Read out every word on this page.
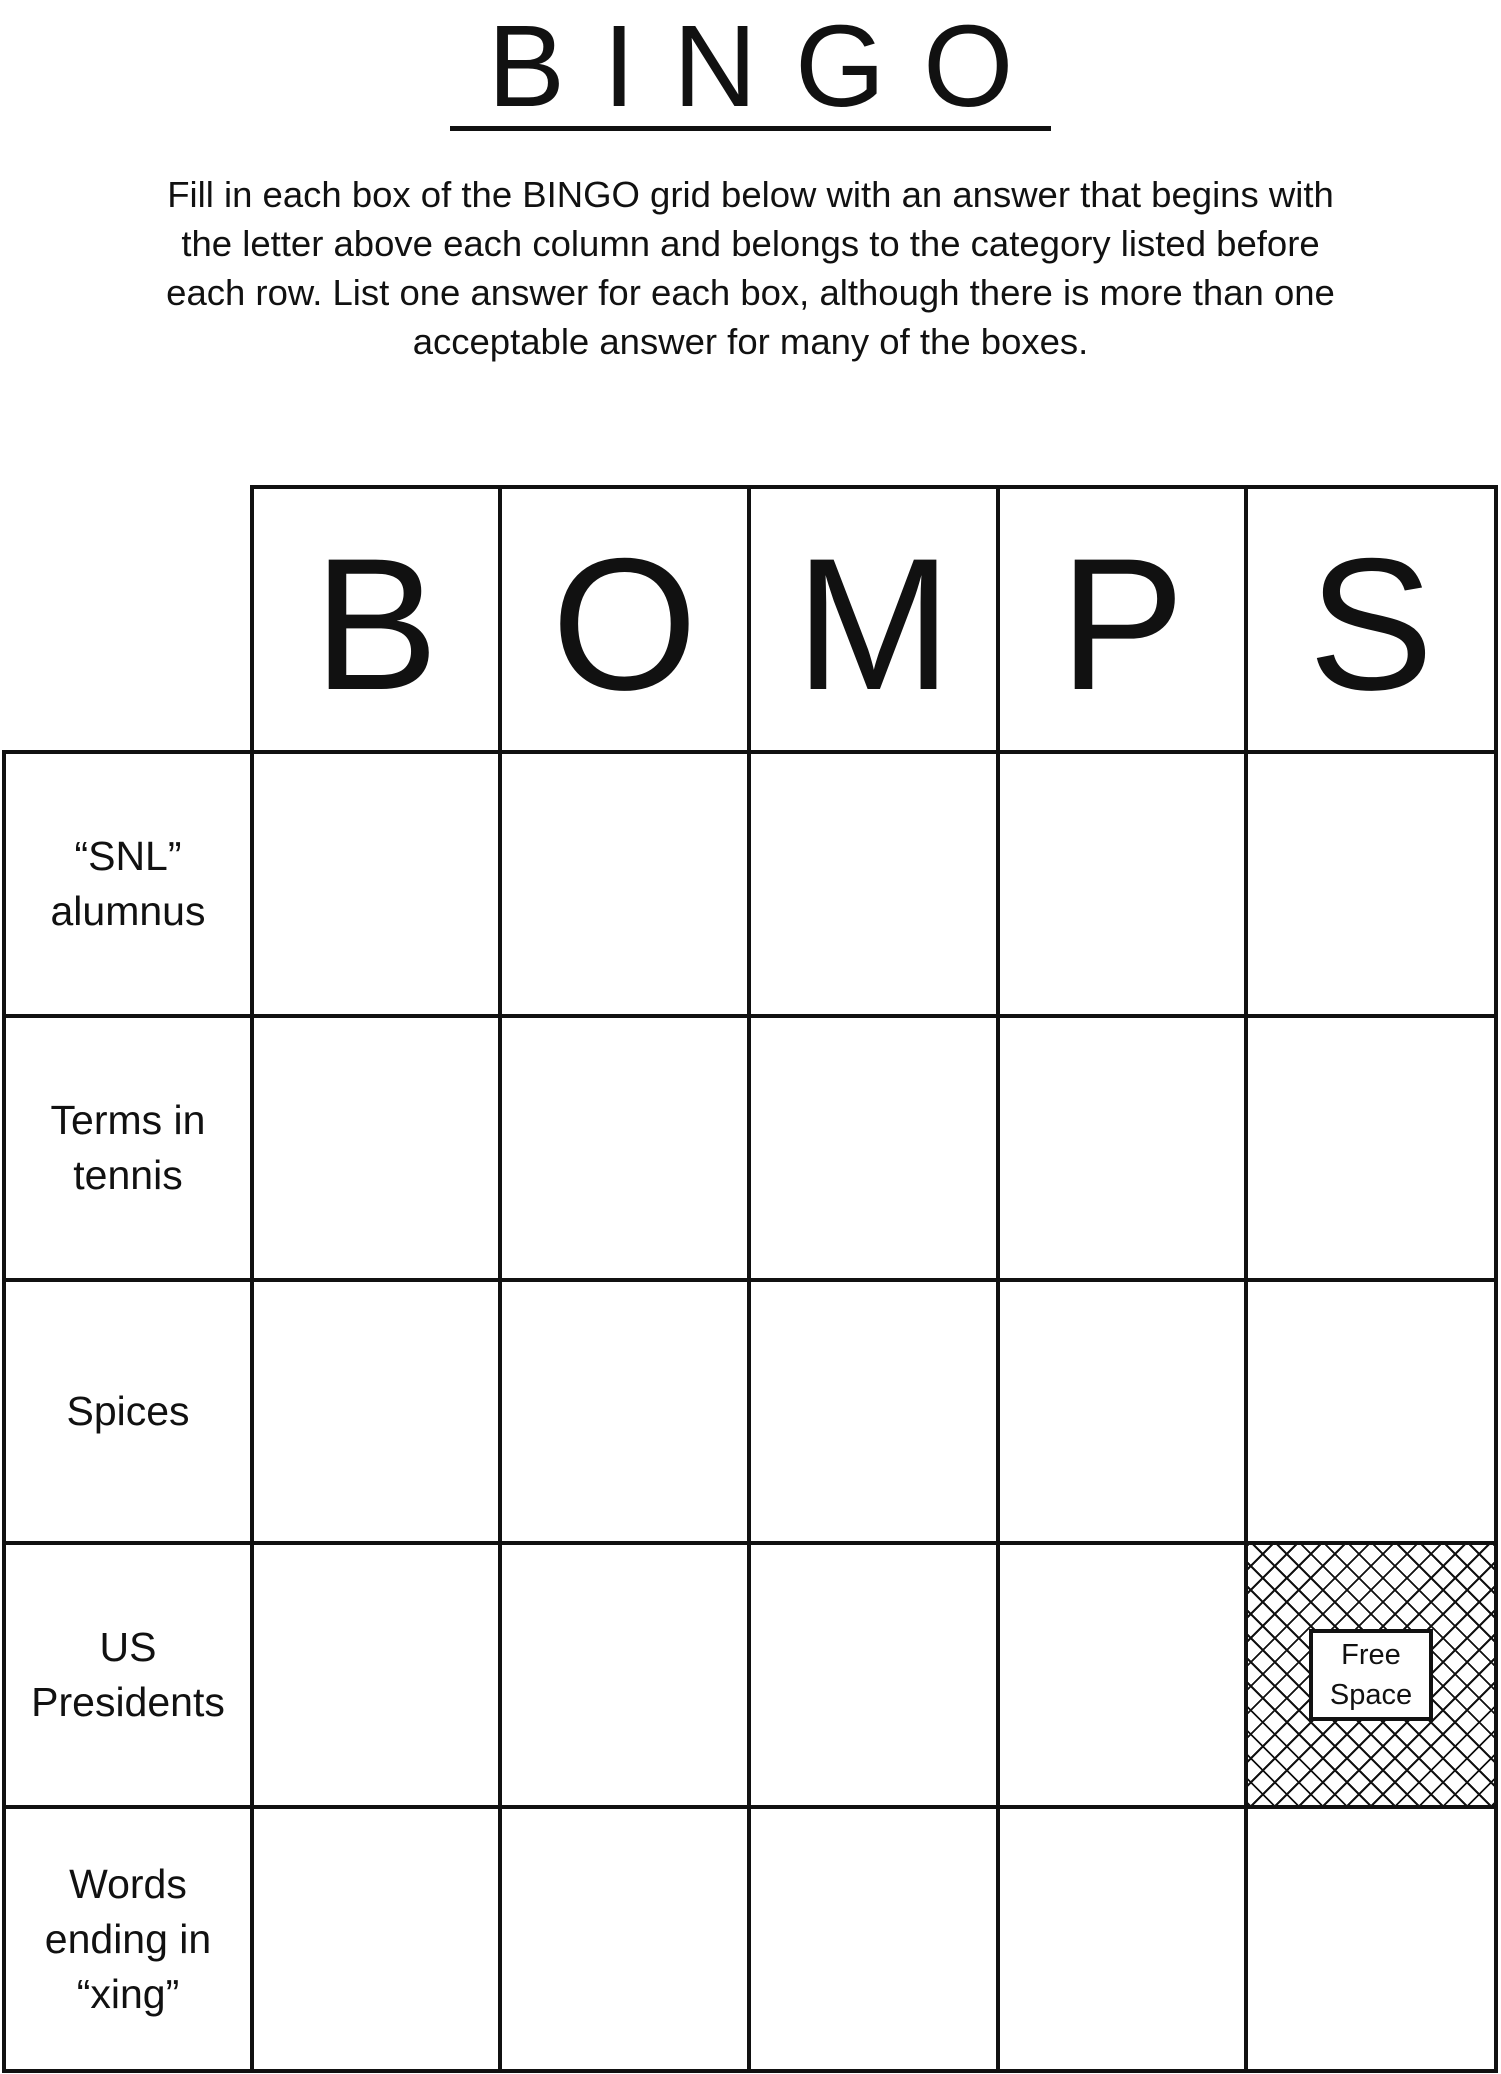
BINGO
Fill in each box of the BINGO grid below with an answer that begins with the letter above each column and belongs to the category listed before each row. List one answer for each box, although there is more than one acceptable answer for many of the boxes.
B O M P S
“SNL”
alumnus
Terms in
tennis
Spices
US
Presidents
Free
Space
Words
ending in
“xing”
